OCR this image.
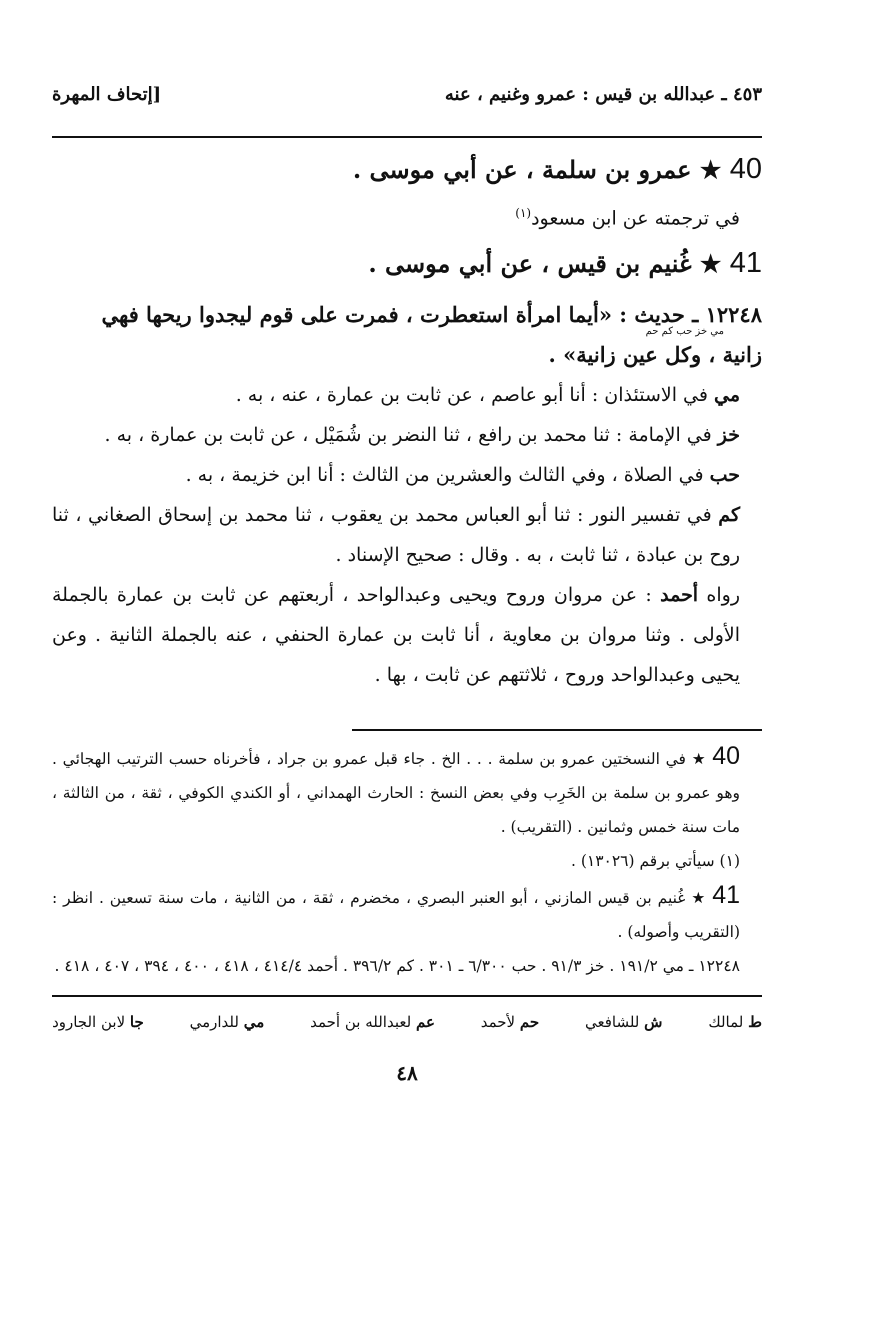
٤٥٣ ـ عبدالله بن قيس : عمرو وغنيم ، عنه
[إتحاف المهرة

40 ★ عمرو بن سلمة ، عن أبي موسى .

في ترجمته عن ابن مسعود$^{(١)}$

41 ★ غُنيم بن قيس ، عن أبي موسى .

١٢٢٤٨ ـ حديث : «أيما امرأة استعطرت ، فمرت على قوم ليجدوا ريحها فهي
مي خز حب كم حم
زانية ، وكل عين زانية» .

مي في الاستئذان : أنا أبو عاصم ، عن ثابت بن عمارة ، عنه ، به .

خز في الإمامة : ثنا محمد بن رافع ، ثنا النضر بن شُمَيْل ، عن ثابت بن عمارة ، به .

حب في الصلاة ، وفي الثالث والعشرين من الثالث : أنا ابن خزيمة ، به .

كم في تفسير النور : ثنا أبو العباس محمد بن يعقوب ، ثنا محمد بن إسحاق الصغاني ، ثنا روح بن عبادة ، ثنا ثابت ، به . وقال : صحيح الإسناد .

رواه أحمد : عن مروان وروح ويحيى وعبدالواحد ، أربعتهم عن ثابت بن عمارة بالجملة الأولى . وثنا مروان بن معاوية ، أنا ثابت بن عمارة الحنفي ، عنه بالجملة الثانية . وعن يحيى وعبدالواحد وروح ، ثلاثتهم عن ثابت ، بها .

40 ★ في النسختين عمرو بن سلمة . . . الخ . جاء قبل عمرو بن جراد ، فأخرناه حسب الترتيب الهجائي . وهو عمرو بن سلمة بن الخَرِب وفي بعض النسخ : الحارث الهمداني ، أو الكندي الكوفي ، ثقة ، من الثالثة ، مات سنة خمس وثمانين . (التقريب) .

(١) سيأتي برقم (١٣٠٢٦) .

41 ★ غُنيم بن قيس المازني ، أبو العنبر البصري ، مخضرم ، ثقة ، من الثانية ، مات سنة تسعين . انظر : (التقريب وأصوله) .

١٢٢٤٨ ـ مي ١٩١/٢ . خز ٩١/٣ . حب ٦/٣٠٠ ـ ٣٠١ . كم ٣٩٦/٢ . أحمد ٤١٤/٤ ، ٤١٨ ، ٤٠٠ ، ٣٩٤ ، ٤٠٧ ، ٤١٨ .

ط لمالك
ش للشافعي
حم لأحمد
عم لعبدالله بن أحمد
مي للدارمي
جا لابن الجارود
٤٨
